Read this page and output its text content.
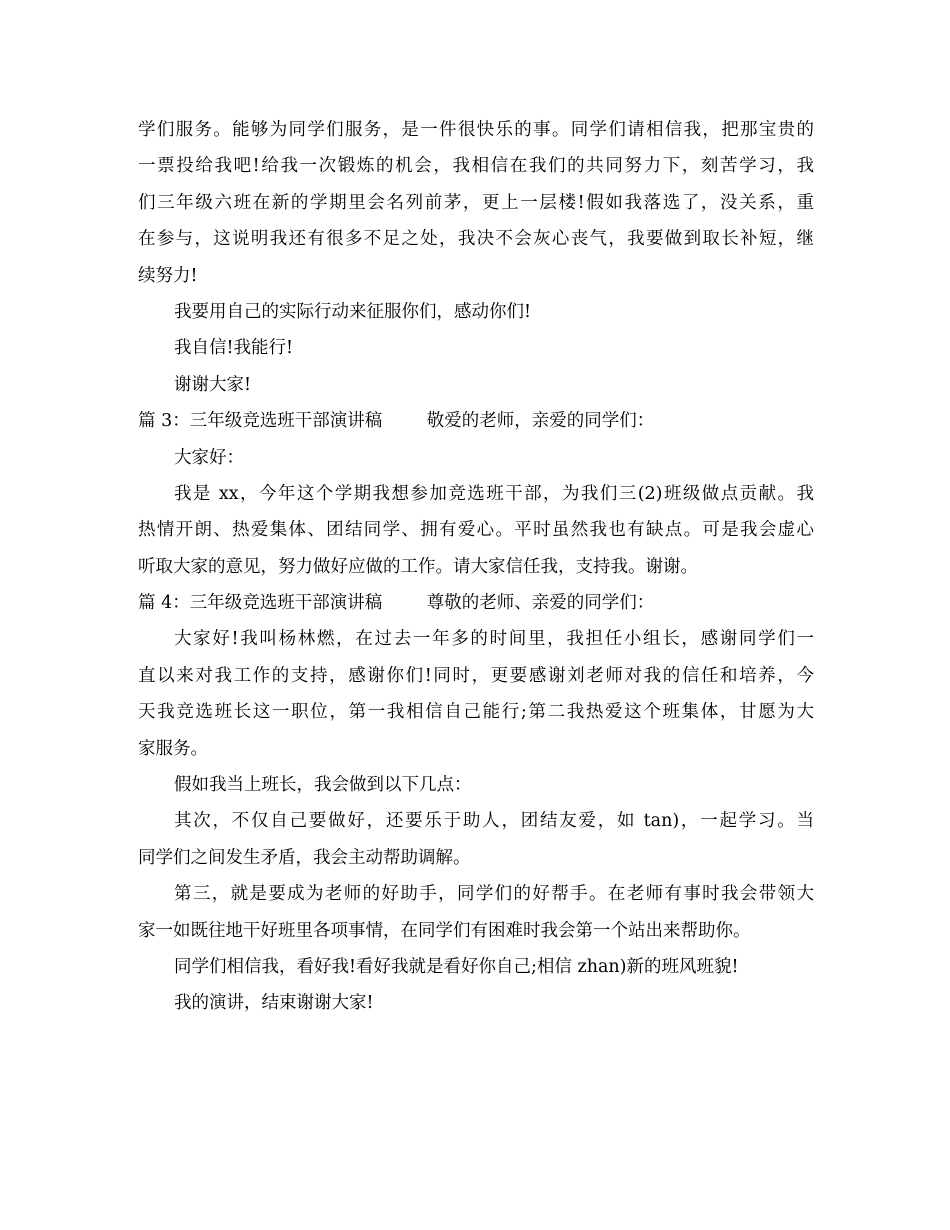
学们服务。能够为同学们服务，是一件很快乐的事。同学们请相信我，把那宝贵的
一票投给我吧!给我一次锻炼的机会，我相信在我们的共同努力下，刻苦学习，我
们三年级六班在新的学期里会名列前茅，更上一层楼!假如我落选了，没关系，重
在参与，这说明我还有很多不足之处，我决不会灰心丧气，我要做到取长补短，继
续努力!
我要用自己的实际行动来征服你们，感动你们!
我自信!我能行!
谢谢大家!
篇 3：三年级竞选班干部演讲稿        敬爱的老师，亲爱的同学们：
大家好：
我是 xx，今年这个学期我想参加竞选班干部，为我们三(2)班级做点贡献。我
热情开朗、热爱集体、团结同学、拥有爱心。平时虽然我也有缺点。可是我会虚心
听取大家的意见，努力做好应做的工作。请大家信任我，支持我。谢谢。
篇 4：三年级竞选班干部演讲稿        尊敬的老师、亲爱的同学们：
大家好!我叫杨林燃，在过去一年多的时间里，我担任小组长，感谢同学们一
直以来对我工作的支持，感谢你们!同时，更要感谢刘老师对我的信任和培养，今
天我竞选班长这一职位，第一我相信自己能行;第二我热爱这个班集体，甘愿为大
家服务。
假如我当上班长，我会做到以下几点：
其次，不仅自己要做好，还要乐于助人，团结友爱，如 tan)，一起学习。当
同学们之间发生矛盾，我会主动帮助调解。
第三，就是要成为老师的好助手，同学们的好帮手。在老师有事时我会带领大
家一如既往地干好班里各项事情，在同学们有困难时我会第一个站出来帮助你。
同学们相信我，看好我!看好我就是看好你自己;相信 zhan)新的班风班貌!
我的演讲，结束谢谢大家!
